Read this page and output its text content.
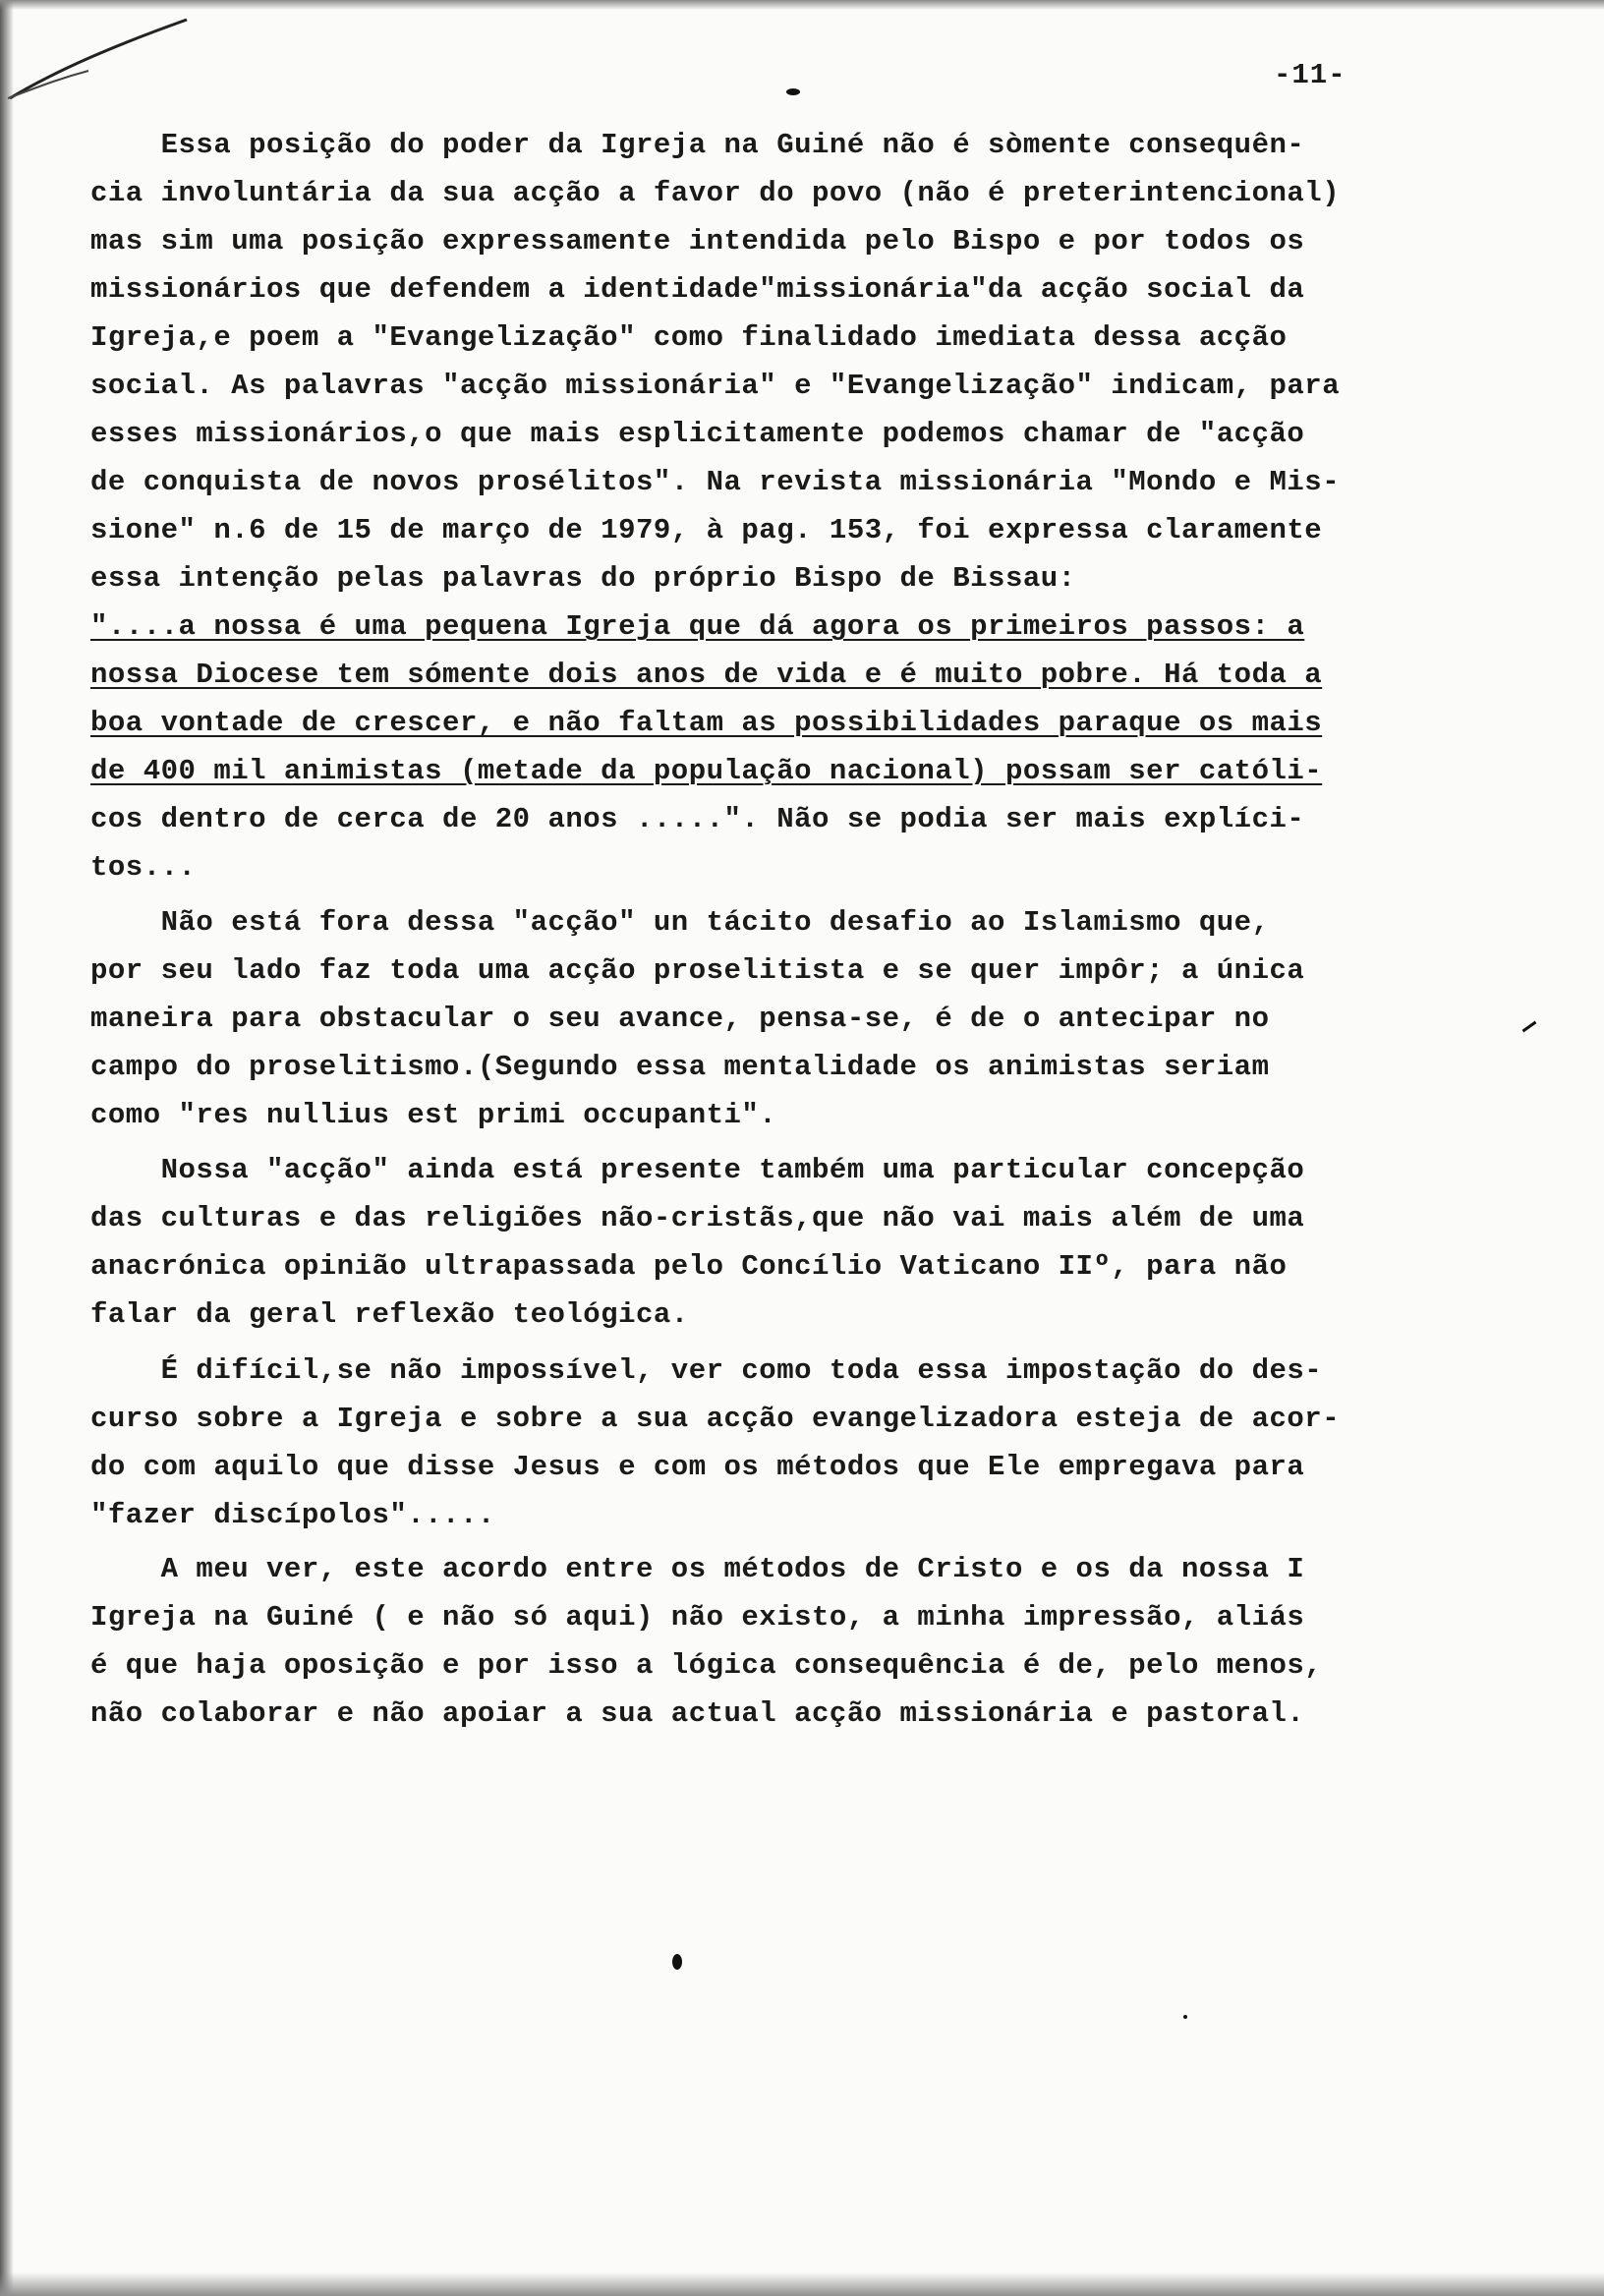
-11-
Essa posição do poder da Igreja na Guiné não é sòmente consequên-
cia involuntária da sua acção a favor do povo (não é preterintencional)
mas sim uma posição expressamente intendida pelo Bispo e por todos os
missionários que defendem a identidade"missionária"da acção social da
Igreja,e poem a "Evangelização" como finalidado imediata dessa acção
social. As palavras "acção missionária" e "Evangelização" indicam, para
esses missionários,o que mais esplicitamente podemos chamar de "acção
de conquista de novos prosélitos". Na revista missionária "Mondo e Mis-
sione" n.6 de 15 de março de 1979, à pag. 153, foi expressa claramente
essa intenção pelas palavras do próprio Bispo de Bissau:
"....a nossa é uma pequena Igreja que dá agora os primeiros passos: a
nossa Diocese tem sómente dois anos de vida e é muito pobre. Há toda a
boa vontade de crescer, e não faltam as possibilidades paraque os mais
de 400 mil animistas (metade da população nacional) possam ser católi-
cos dentro de cerca de 20 anos .....". Não se podia ser mais explíci-
tos...
Não está fora dessa "acção" un tácito desafio ao Islamismo que,
por seu lado faz toda uma acção proselitista e se quer impôr; a única
maneira para obstacular o seu avance, pensa-se, é de o antecipar no
campo do proselitismo.(Segundo essa mentalidade os animistas seriam
como "res nullius est primi occupanti".
Nossa "acção" ainda está presente também uma particular concepção
das culturas e das religiões não-cristãs,que não vai mais além de uma
anacrónica opinião ultrapassada pelo Concílio Vaticano IIº, para não
falar da geral reflexão teológica.
É difícil,se não impossível, ver como toda essa impostação do des-
curso sobre a Igreja e sobre a sua acção evangelizadora esteja de acor-
do com aquilo que disse Jesus e com os métodos que Ele empregava para
"fazer discípolos".....
A meu ver, este acordo entre os métodos de Cristo e os da nossa I
Igreja na Guiné ( e não só aqui) não existo, a minha impressão, aliás
é que haja oposição e por isso a lógica consequência é de, pelo menos,
não colaborar e não apoiar a sua actual acção missionária e pastoral.
